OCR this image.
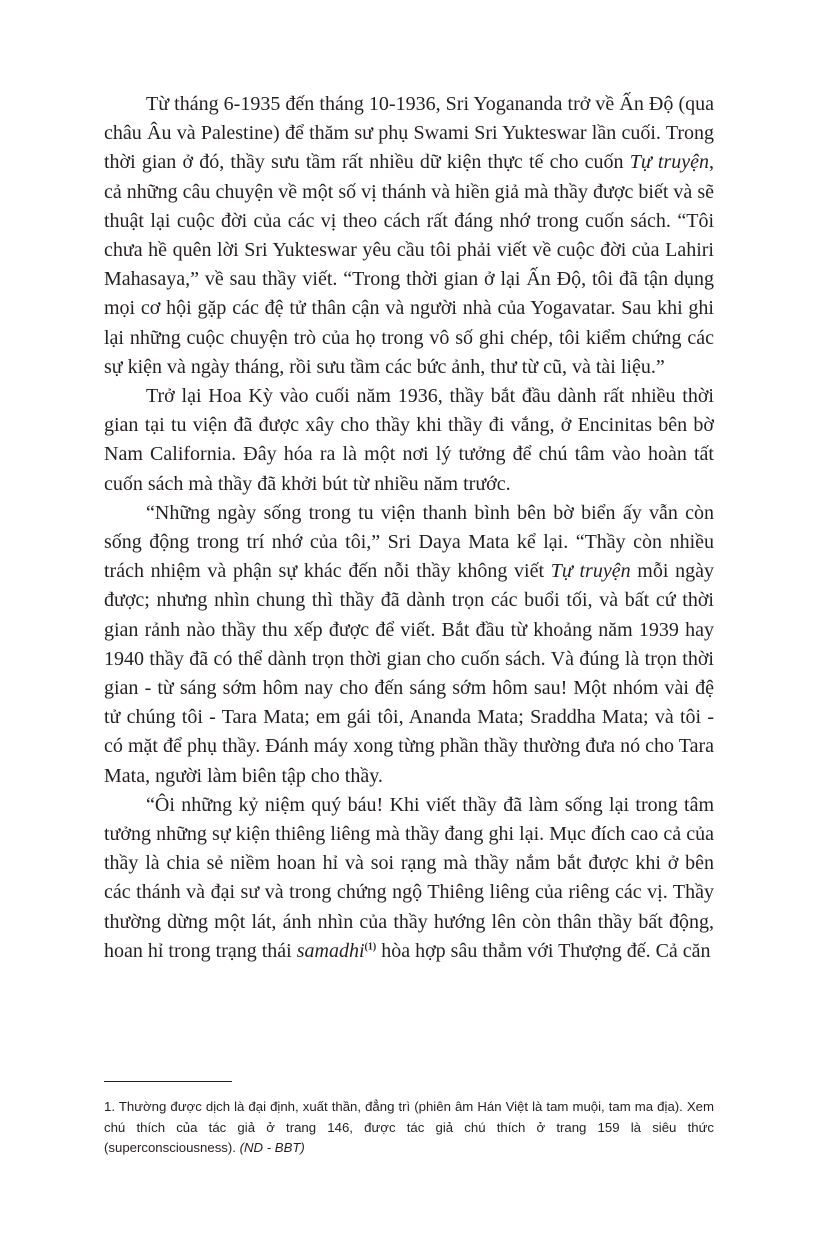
Từ tháng 6-1935 đến tháng 10-1936, Sri Yogananda trở về Ấn Độ (qua châu Âu và Palestine) để thăm sư phụ Swami Sri Yukteswar lần cuối. Trong thời gian ở đó, thầy sưu tầm rất nhiều dữ kiện thực tế cho cuốn Tự truyện, cả những câu chuyện về một số vị thánh và hiền giả mà thầy được biết và sẽ thuật lại cuộc đời của các vị theo cách rất đáng nhớ trong cuốn sách. “Tôi chưa hề quên lời Sri Yukteswar yêu cầu tôi phải viết về cuộc đời của Lahiri Mahasaya,” về sau thầy viết. “Trong thời gian ở lại Ấn Độ, tôi đã tận dụng mọi cơ hội gặp các đệ tử thân cận và người nhà của Yogavatar. Sau khi ghi lại những cuộc chuyện trò của họ trong vô số ghi chép, tôi kiểm chứng các sự kiện và ngày tháng, rồi sưu tầm các bức ảnh, thư từ cũ, và tài liệu.”

Trở lại Hoa Kỳ vào cuối năm 1936, thầy bắt đầu dành rất nhiều thời gian tại tu viện đã được xây cho thầy khi thầy đi vắng, ở Encinitas bên bờ Nam California. Đây hóa ra là một nơi lý tưởng để chú tâm vào hoàn tất cuốn sách mà thầy đã khởi bút từ nhiều năm trước.

“Những ngày sống trong tu viện thanh bình bên bờ biển ấy vẫn còn sống động trong trí nhớ của tôi,” Sri Daya Mata kể lại. “Thầy còn nhiều trách nhiệm và phận sự khác đến nỗi thầy không viết Tự truyện mỗi ngày được; nhưng nhìn chung thì thầy đã dành trọn các buổi tối, và bất cứ thời gian rảnh nào thầy thu xếp được để viết. Bắt đầu từ khoảng năm 1939 hay 1940 thầy đã có thể dành trọn thời gian cho cuốn sách. Và đúng là trọn thời gian - từ sáng sớm hôm nay cho đến sáng sớm hôm sau! Một nhóm vài đệ tử chúng tôi - Tara Mata; em gái tôi, Ananda Mata; Sraddha Mata; và tôi - có mặt để phụ thầy. Đánh máy xong từng phần thầy thường đưa nó cho Tara Mata, người làm biên tập cho thầy.

“Ôi những kỷ niệm quý báu! Khi viết thầy đã làm sống lại trong tâm tưởng những sự kiện thiêng liêng mà thầy đang ghi lại. Mục đích cao cả của thầy là chia sẻ niềm hoan hỉ và soi rạng mà thầy nắm bắt được khi ở bên các thánh và đại sư và trong chứng ngộ Thiêng liêng của riêng các vị. Thầy thường dừng một lát, ánh nhìn của thầy hướng lên còn thân thầy bất động, hoan hỉ trong trạng thái samadhi$^{(1)}$ hòa hợp sâu thẳm với Thượng đế. Cả căn

1. Thường được dịch là đại định, xuất thần, đẳng trì (phiên âm Hán Việt là tam muội, tam ma địa). Xem chú thích của tác giả ở trang 146, được tác giả chú thích ở trang 159 là siêu thức (superconsciousness). (ND - BBT)
